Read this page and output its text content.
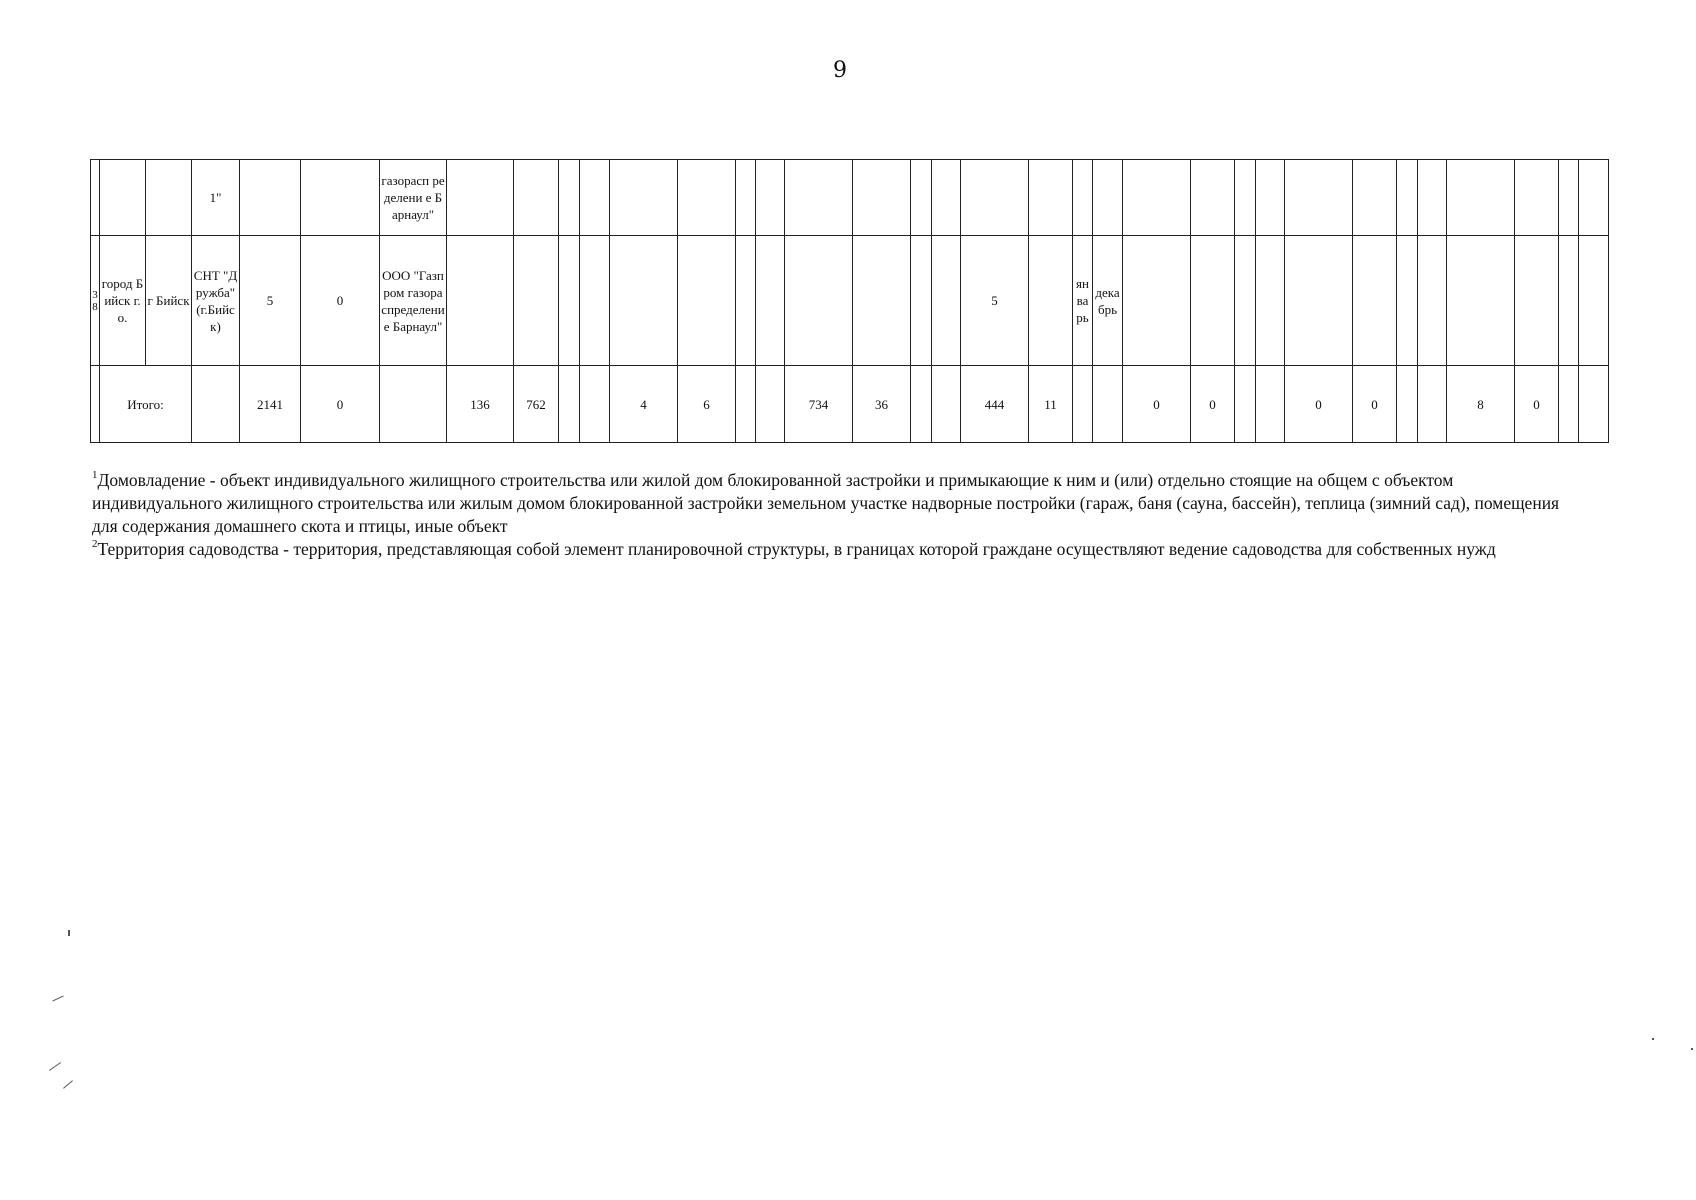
9
			1"			газорасп ределени е Барнаул"																												
38	город Бийск г.о.	г Бийск	СНТ "Дружба" (г.Бийск)	5	0	ООО "Газпром газораспределение Барнаул"													5		январь	декабрь												
	Итого:			2141	0		136	762			4	6			734	36			444	11			0	0			0	0			8	0		

$^1$Домовладение - объект индивидуального жилищного строительства или жилой дом блокированной застройки и примыкающие к ним и (или) отдельно стоящие на общем с объектом индивидуального жилищного строительства или жилым домом блокированной застройки земельном участке надворные постройки (гараж, баня (сауна, бассейн), теплица (зимний сад), помещения для содержания домашнего скота и птицы, иные объект

$^2$Территория садоводства - территория, представляющая собой элемент планировочной структуры, в границах которой граждане осуществляют ведение садоводства для собственных нужд
